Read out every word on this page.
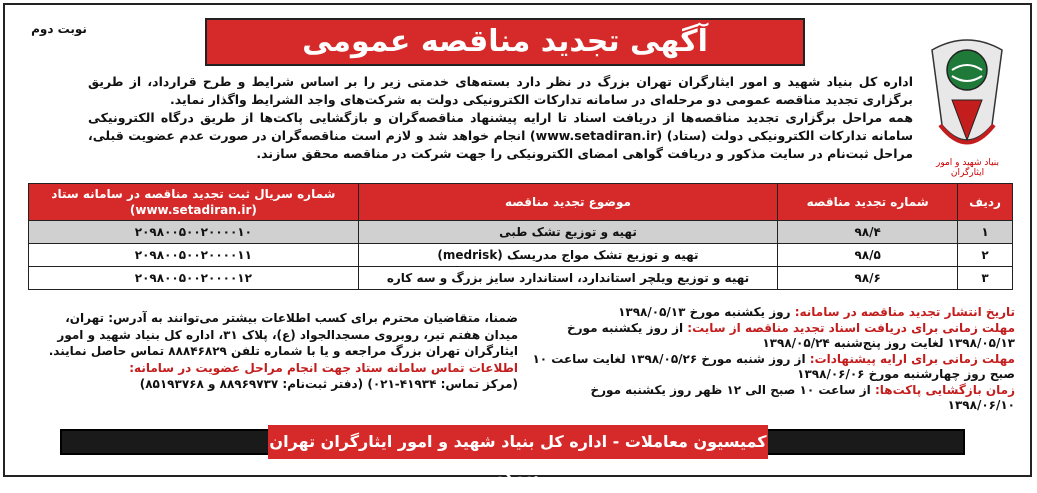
نوبت دوم	آگهی تجدید مناقصه عمومی
بنیاد شهید و امور ایثارگران
اداره کل بنیاد شهید و امور ایثارگران تهران بزرگ در نظر دارد بسته‌های خدمتی زیر را بر اساس شرایط و طرح قرارداد، از طریق برگزاری تجدید مناقصه عمومی دو مرحله‌ای در سامانه تدارکات الکترونیکی دولت به شرکت‌های واجد الشرایط واگذار نماید.
همه مراحل برگزاری تجدید مناقصه‌ها از دریافت اسناد تا ارایه پیشنهاد مناقصه‌گران و بازگشایی پاکت‌ها از طریق درگاه الکترونیکی سامانه تدارکات الکترونیکی دولت (ستاد) (www.setadiran.ir) انجام خواهد شد و لازم است مناقصه‌گران در صورت عدم عضویت قبلی، مراحل ثبت‌نام در سایت مذکور و دریافت گواهی امضای الکترونیکی را جهت شرکت در مناقصه محقق سازند.
ردیف	شماره تجدید مناقصه	موضوع تجدید مناقصه	شماره سریال ثبت تجدید مناقصه در سامانه ستاد
(www.setadiran.ir)

۱	۹۸/۴	تهیه و توزیع تشک طبی	۲۰۹۸۰۰۵۰۰۲۰۰۰۰۱۰
۲	۹۸/۵	تهیه و توزیع تشک مواج مدریسک (medrisk)	۲۰۹۸۰۰۵۰۰۲۰۰۰۰۱۱
۳	۹۸/۶	تهیه و توزیع ویلچر استاندارد، استاندارد سایز بزرگ و سه کاره	۲۰۹۸۰۰۵۰۰۲۰۰۰۰۱۲
تاریخ انتشار تجدید مناقصه در سامانه: روز یکشنبه مورخ ۱۳۹۸/۰۵/۱۳
مهلت زمانی برای دریافت اسناد تجدید مناقصه از سایت: از روز یکشنبه مورخ ۱۳۹۸/۰۵/۱۳ لغایت روز پنج‌شنبه ۱۳۹۸/۰۵/۲۴
مهلت زمانی برای ارایه پیشنهادات: از روز شنبه مورخ ۱۳۹۸/۰۵/۲۶ لغایت ساعت ۱۰ صبح روز چهارشنبه مورخ ۱۳۹۸/۰۶/۰۶
زمان بازگشایی پاکت‌ها: از ساعت ۱۰ صبح الی ۱۲ ظهر روز یکشنبه مورخ ۱۳۹۸/۰۶/۱۰
ضمنا، متقاضیان محترم برای کسب اطلاعات بیشتر می‌توانند به آدرس: تهران، میدان هفتم تیر، روبروی مسجدالجواد (ع)، پلاک ۳۱، اداره کل بنیاد شهید و امور ایثارگران تهران بزرگ مراجعه و یا با شماره تلفن ۸۸۸۴۶۸۲۹ تماس حاصل نمایند.
اطلاعات تماس سامانه ستاد جهت انجام مراحل عضویت در سامانه:
(مرکز تماس: ۴۱۹۳۴-۰۲۱) (دفتر ثبت‌نام: ۸۸۹۶۹۷۳۷ و ۸۵۱۹۳۷۶۸)
کمیسیون معاملات - اداره کل بنیاد شهید و امور ایثارگران تهران بزرگ
